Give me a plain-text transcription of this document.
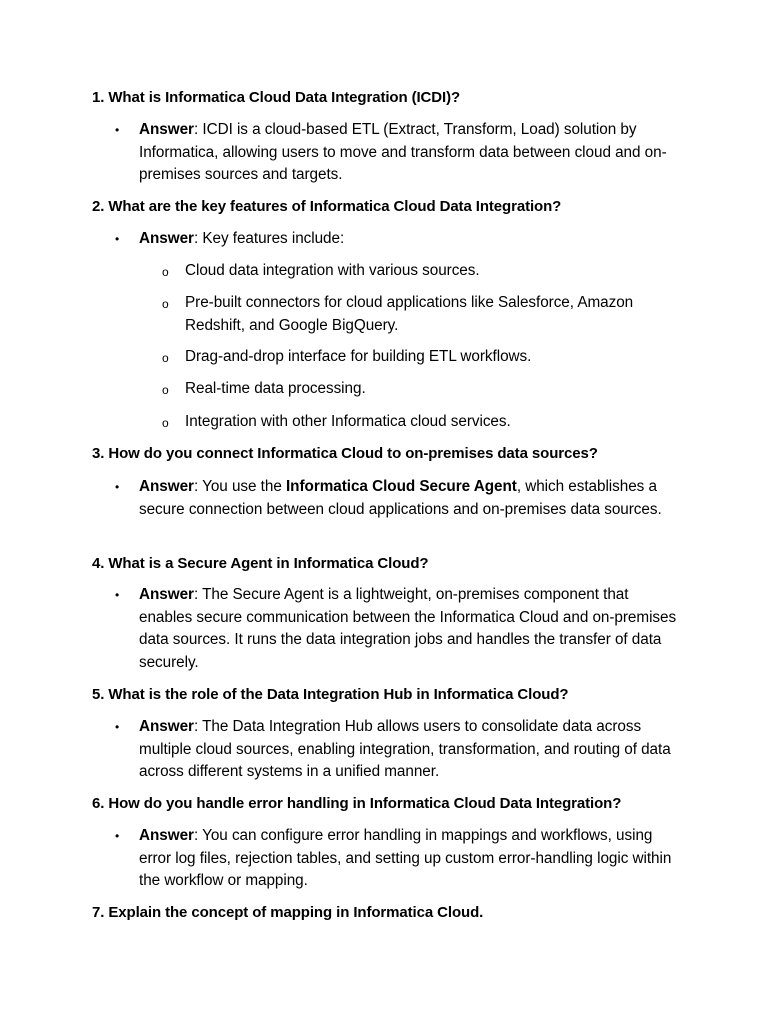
1. What is Informatica Cloud Data Integration (ICDI)?
• Answer: ICDI is a cloud-based ETL (Extract, Transform, Load) solution by Informatica, allowing users to move and transform data between cloud and on-premises sources and targets.
2. What are the key features of Informatica Cloud Data Integration?
• Answer: Key features include:
o Cloud data integration with various sources.
o Pre-built connectors for cloud applications like Salesforce, Amazon Redshift, and Google BigQuery.
o Drag-and-drop interface for building ETL workflows.
o Real-time data processing.
o Integration with other Informatica cloud services.
3. How do you connect Informatica Cloud to on-premises data sources?
• Answer: You use the Informatica Cloud Secure Agent, which establishes a secure connection between cloud applications and on-premises data sources.
4. What is a Secure Agent in Informatica Cloud?
• Answer: The Secure Agent is a lightweight, on-premises component that enables secure communication between the Informatica Cloud and on-premises data sources. It runs the data integration jobs and handles the transfer of data securely.
5. What is the role of the Data Integration Hub in Informatica Cloud?
• Answer: The Data Integration Hub allows users to consolidate data across multiple cloud sources, enabling integration, transformation, and routing of data across different systems in a unified manner.
6. How do you handle error handling in Informatica Cloud Data Integration?
• Answer: You can configure error handling in mappings and workflows, using error log files, rejection tables, and setting up custom error-handling logic within the workflow or mapping.
7. Explain the concept of mapping in Informatica Cloud.
